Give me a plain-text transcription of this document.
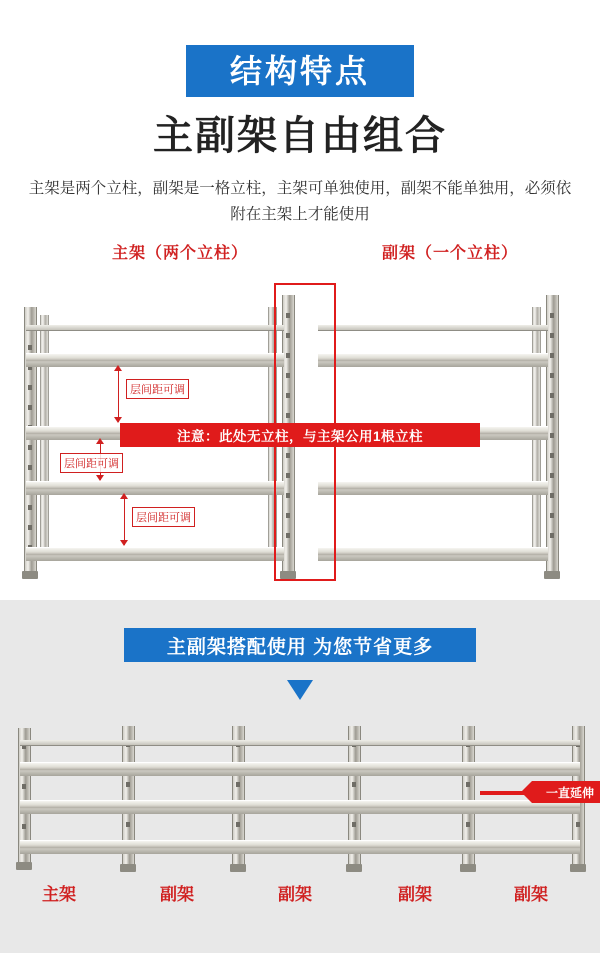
结构特点
主副架自由组合
主架是两个立柱，副架是一格立柱，主架可单独使用，副架不能单独用，必须依附在主架上才能使用
主架（两个立柱）	副架（一个立柱）
层间距可调
层间距可调
层间距可调
注意：此处无立柱，与主架公用1根立柱
主副架搭配使用 为您节省更多
一直延伸
主架	副架	副架	副架	副架
